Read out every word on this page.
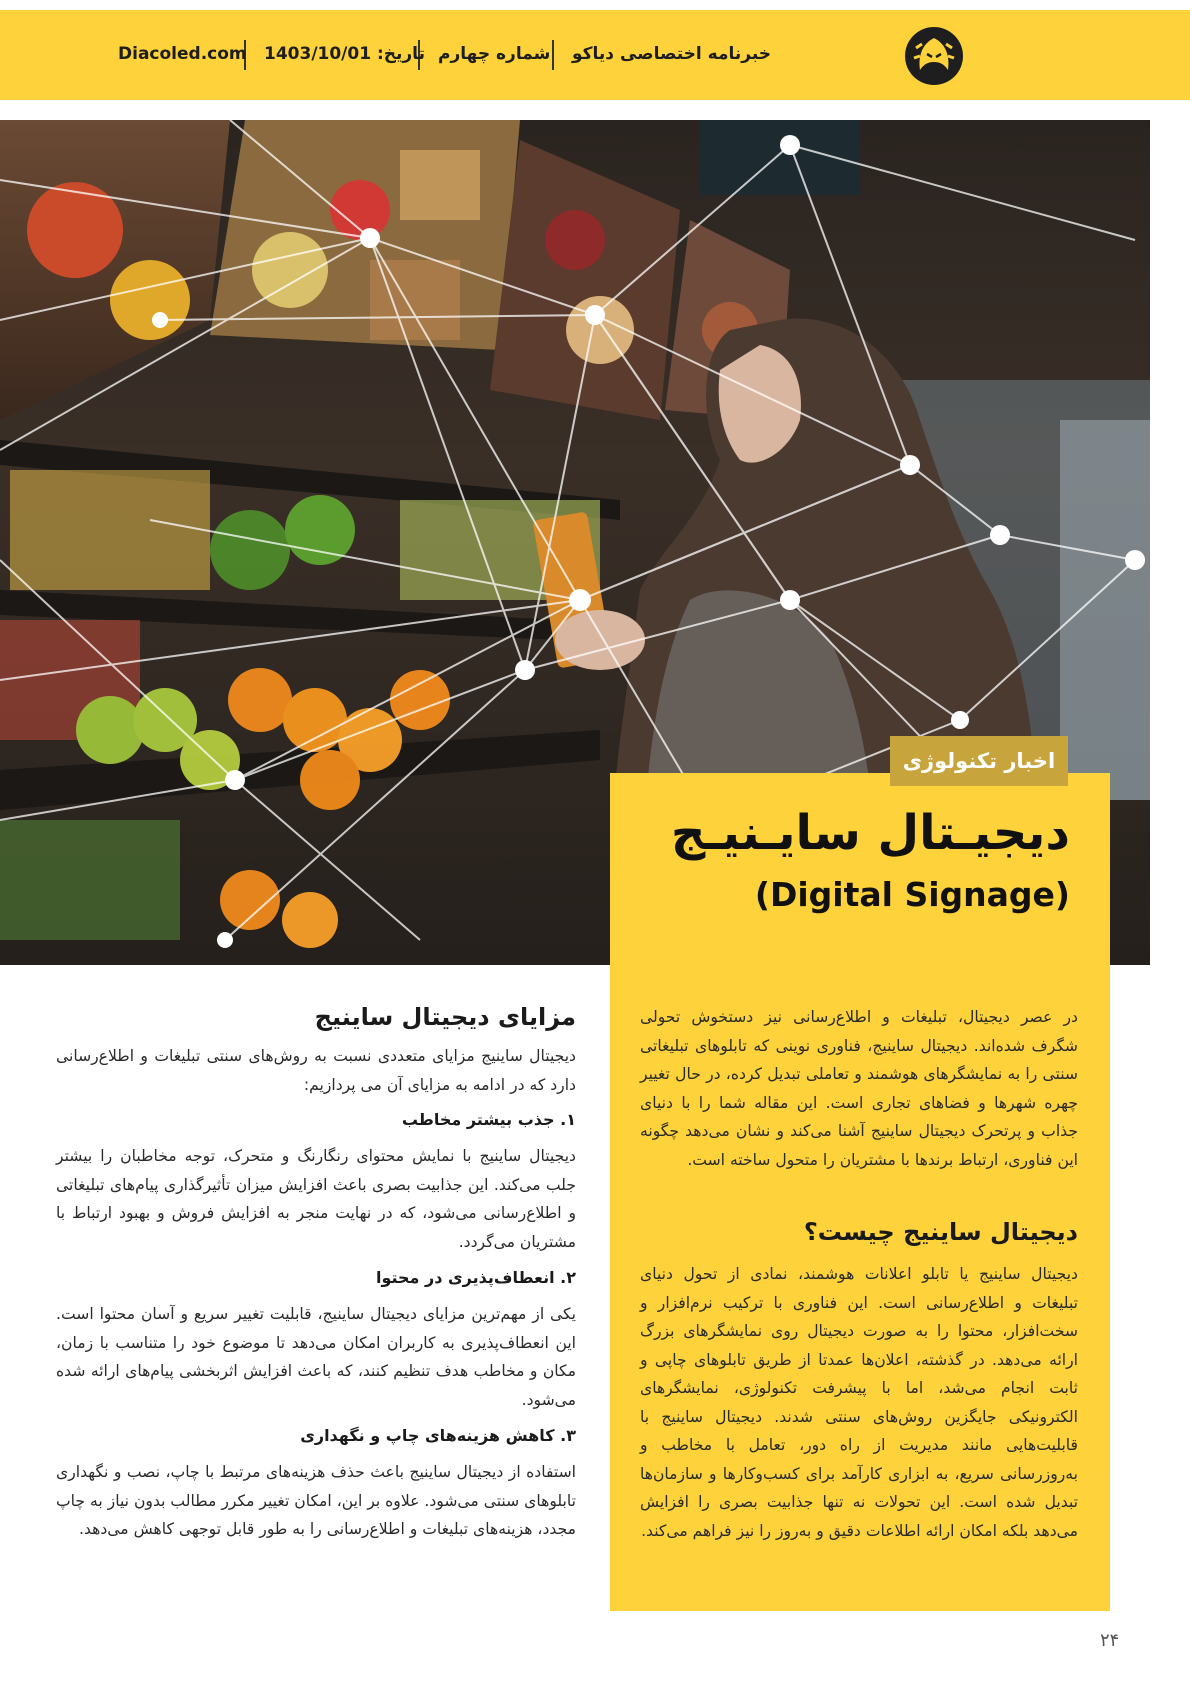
خبرنامه اختصاصی دیاکو
شماره چهارم
تاریخ: 1403/10/01
Diacoled.com
اخبار تکنولوژی
دیجیـتال سایـنیـج
(Digital Signage)
در عصر دیجیتال، تبلیغات و اطلاع‌رسانی نیز دستخوش تحولی شگرف شده‌اند. دیجیتال ساینیج، فناوری نوینی که تابلوهای تبلیغاتی سنتی را به نمایشگرهای هوشمند و تعاملی تبدیل کرده، در حال تغییر چهره شهرها و فضاهای تجاری است. این مقاله شما را با دنیای جذاب و پرتحرک دیجیتال ساینیج آشنا می‌کند و نشان می‌دهد چگونه این فناوری، ارتباط برندها با مشتریان را متحول ساخته است.
دیجیتال ساینیج چیست؟
دیجیتال ساینیج یا تابلو اعلانات هوشمند، نمادی از تحول دنیای تبلیغات و اطلاع‌رسانی است. این فناوری با ترکیب نرم‌افزار و سخت‌افزار، محتوا را به صورت دیجیتال روی نمایشگرهای بزرگ ارائه می‌دهد. در گذشته، اعلان‌ها عمدتا از طریق تابلوهای چاپی و ثابت انجام می‌شد، اما با پیشرفت تکنولوژی، نمایشگرهای الکترونیکی جایگزین روش‌های سنتی شدند. دیجیتال ساینیج با قابلیت‌هایی مانند مدیریت از راه دور، تعامل با مخاطب و به‌روزرسانی سریع، به ابزاری کارآمد برای کسب‌وکارها و سازمان‌ها تبدیل شده است. این تحولات نه تنها جذابیت بصری را افزایش می‌دهد بلکه امکان ارائه اطلاعات دقیق و به‌روز را نیز فراهم می‌کند.
مزایای دیجیتال ساینیج
دیجیتال ساینیج مزایای متعددی نسبت به روش‌های سنتی تبلیغات و اطلاع‌رسانی دارد که در ادامه به مزایای آن می پردازیم:
۱. جذب بیشتر مخاطب
دیجیتال ساینیج با نمایش محتوای رنگارنگ و متحرک، توجه مخاطبان را بیشتر جلب می‌کند. این جذابیت بصری باعث افزایش میزان تأثیرگذاری پیام‌های تبلیغاتی و اطلاع‌رسانی می‌شود، که در نهایت منجر به افزایش فروش و بهبود ارتباط با مشتریان می‌گردد.
۲. انعطاف‌پذیری در محتوا
یکی از مهم‌ترین مزایای دیجیتال ساینیج، قابلیت تغییر سریع و آسان محتوا است. این انعطاف‌پذیری به کاربران امکان می‌دهد تا موضوع خود را متناسب با زمان، مکان و مخاطب هدف تنظیم کنند، که باعث افزایش اثربخشی پیام‌های ارائه شده می‌شود.
۳. کاهش هزینه‌های چاپ و نگهداری
استفاده از دیجیتال ساینیج باعث حذف هزینه‌های مرتبط با چاپ، نصب و نگهداری تابلوهای سنتی می‌شود. علاوه بر این، امکان تغییر مکرر مطالب بدون نیاز به چاپ مجدد، هزینه‌های تبلیغات و اطلاع‌رسانی را به طور قابل توجهی کاهش می‌دهد.
۲۴
